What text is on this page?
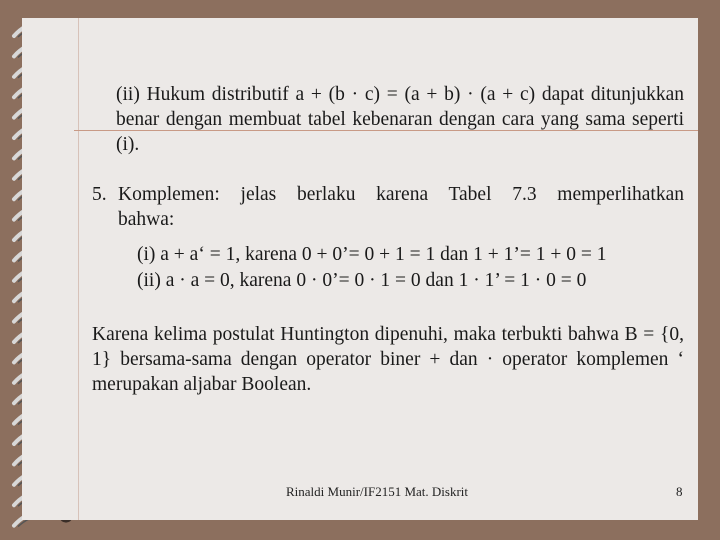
(ii) Hukum distributif a + (b · c) = (a + b) · (a + c) dapat ditunjukkan benar dengan membuat tabel kebenaran dengan cara yang sama seperti (i).
5. Komplemen: jelas berlaku karena Tabel 7.3 memperlihatkan
bahwa:
(i) a + a‘ = 1, karena 0 + 0’= 0 + 1 = 1 dan 1 + 1’= 1 + 0 = 1
(ii) a · a = 0, karena 0 · 0’= 0 · 1 = 0 dan 1 · 1’ = 1 · 0 = 0
Karena kelima postulat Huntington dipenuhi, maka terbukti bahwa B = {0, 1} bersama-sama dengan operator biner + dan · operator komplemen ‘ merupakan aljabar Boolean.
Rinaldi Munir/IF2151 Mat. Diskrit	8
